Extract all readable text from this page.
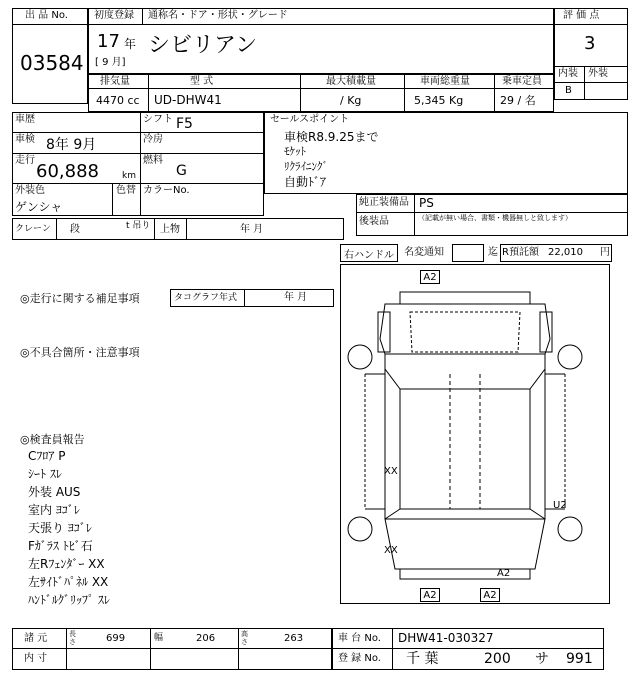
出 品 No.
03584
初度登録 通称名・ドア・形状・グレード
17 年
[ 9 月]
シビリアン
評 価 点
3
内装 外装
B
排気量	型 式	最大積載量	車両総重量	乗車定員
4470 cc UD-DHW41	/ Kg	5,345 Kg	29 / 名
車歴	シフト F5
車検 8年 9月	冷房
走行
60,888	km
燃料
G
外装色
ゲンシャ
色替 カラーNo.
クレーン 段	t 吊り 上物	年 月
セールスポイント
車検R8.9.25まで
ﾓｹｯﾄ
ﾘｸﾗｲﾆﾝｸﾞ
自動ﾄﾞｱ
純正装備品 PS
後装品	（記載が無い場合、書類・機器無しと致します）
右ハンドル	名変通知	迄 R預託額 22,010 円
◎走行に関する補足事項	タコグラフ年式	年 月
◎不具合箇所・注意事項
◎検査員報告
Cﾌﾛｱ P
ｼｰﾄ ｽﾚ
外装 AUS
室内 ﾖｺﾞﾚ
天張り ﾖｺﾞﾚ
Fｶﾞﾗｽ ﾄﾋﾞ石
左Rﾌｪﾝﾀﾞｰ XX
左ｻｲﾄﾞﾊﾟﾈﾙ XX
ﾊﾝﾄﾞﾙｸﾞﾘｯﾌﾟ ｽﾚ
A2
XX
XX
U2
A2
A2	A2
諸 元
内 寸
長さ	699	幅	206	高さ	263	車 台 No. DHW41-030327
登 録 No. 千 葉	200 サ 991
